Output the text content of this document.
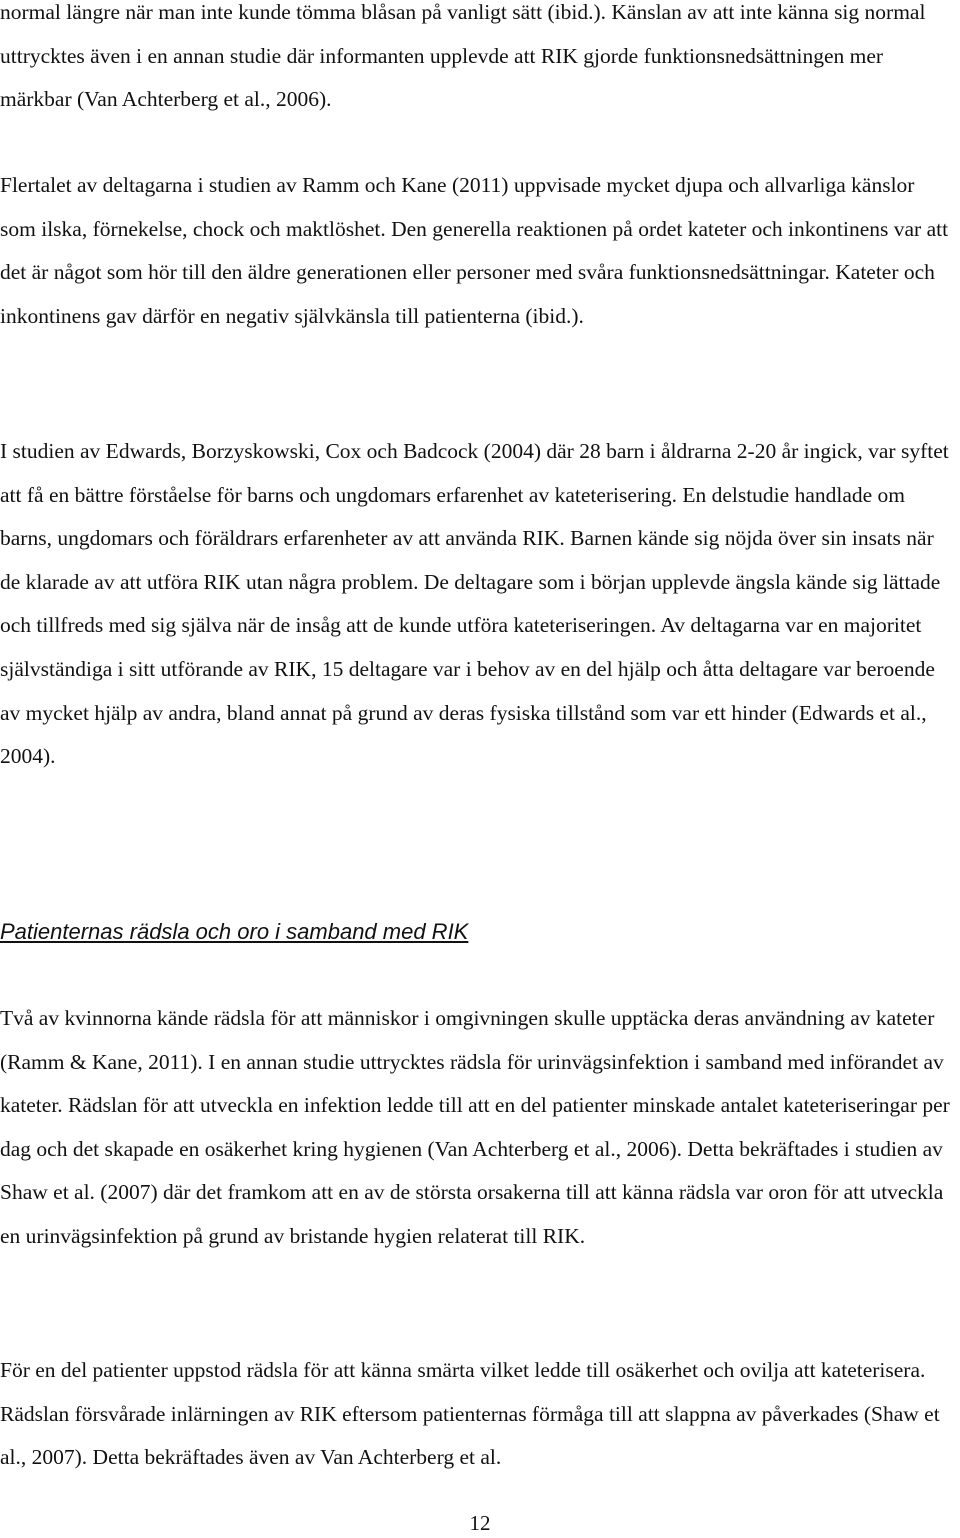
normal längre när man inte kunde tömma blåsan på vanligt sätt (ibid.). Känslan av att inte känna sig normal uttrycktes även i en annan studie där informanten upplevde att RIK gjorde funktionsnedsättningen mer märkbar (Van Achterberg et al., 2006).

Flertalet av deltagarna i studien av Ramm och Kane (2011) uppvisade mycket djupa och allvarliga känslor som ilska, förnekelse, chock och maktlöshet. Den generella reaktionen på ordet kateter och inkontinens var att det är något som hör till den äldre generationen eller personer med svåra funktionsnedsättningar. Kateter och inkontinens gav därför en negativ självkänsla till patienterna (ibid.).

I studien av Edwards, Borzyskowski, Cox och Badcock (2004) där 28 barn i åldrarna 2-20 år ingick, var syftet att få en bättre förståelse för barns och ungdomars erfarenhet av kateterisering. En delstudie handlade om barns, ungdomars och föräldrars erfarenheter av att använda RIK. Barnen kände sig nöjda över sin insats när de klarade av att utföra RIK utan några problem. De deltagare som i början upplevde ängsla kände sig lättade och tillfreds med sig själva när de insåg att de kunde utföra kateteriseringen. Av deltagarna var en majoritet självständiga i sitt utförande av RIK, 15 deltagare var i behov av en del hjälp och åtta deltagare var beroende av mycket hjälp av andra, bland annat på grund av deras fysiska tillstånd som var ett hinder (Edwards et al., 2004).

Patienternas rädsla och oro i samband med RIK

Två av kvinnorna kände rädsla för att människor i omgivningen skulle upptäcka deras användning av kateter (Ramm & Kane, 2011). I en annan studie uttrycktes rädsla för urinvägsinfektion i samband med införandet av kateter. Rädslan för att utveckla en infektion ledde till att en del patienter minskade antalet kateteriseringar per dag och det skapade en osäkerhet kring hygienen (Van Achterberg et al., 2006). Detta bekräftades i studien av Shaw et al. (2007) där det framkom att en av de största orsakerna till att känna rädsla var oron för att utveckla en urinvägsinfektion på grund av bristande hygien relaterat till RIK.

För en del patienter uppstod rädsla för att känna smärta vilket ledde till osäkerhet och ovilja att kateterisera. Rädslan försvårade inlärningen av RIK eftersom patienternas förmåga till att slappna av påverkades (Shaw et al., 2007). Detta bekräftades även av Van Achterberg et al.

12
